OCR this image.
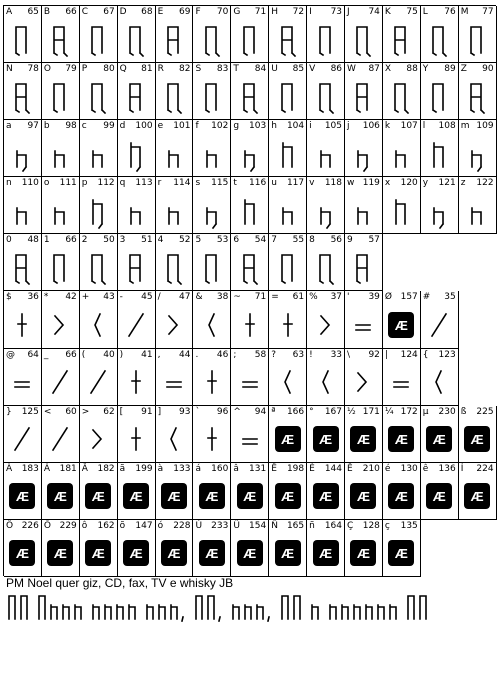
A 65 B 66 C 67 D 68 E 69 F 70 G 71 H 72 I 73 J 74 K 75 L 76 M 77
N 78 O 79 P 80 Q 81 R 82 S 83 T 84 U 85 V 86 W 87 X 88 Y 89 Z 90
a 97 b 98 c 99 d 100 e 101 f 102 g 103 h 104 i 105 j 106 k 107 l 108 m 109
n 110 o 111 p 112 q 113 r 114 s 115 t 116 u 117 v 118 w 119 x 120 y 121 z 122
0 48 1 66 2 50 3 51 4 52 5 53 6 54 7 55 8 56 9 57
$ 36 * 42 + 43 - 45 / 47 & 38 ~ 71 = 61 % 37 ' 39 Ø 157
Æ
# 35
@ 64 _ 66 ( 40 ) 41 , 44 . 46 ; 58 ? 63 ! 33 \ 92 | 124 { 123
} 125 < 60 > 62 [ 91 ] 93 ` 96 ^ 94 ª 166
Æ
° 167
Æ
½ 171
Æ
¼ 172
Æ
µ 230
Æ
ß 225
Æ
À 183
Æ
Á 181
Æ
Â 182
Æ
ã 199
Æ
à 133
Æ
á 160
Æ
â 131
Æ
Ê 198
Æ
É 144
Æ
Ê 210
Æ
é 130
Æ
ê 136
Æ
Í 224
Æ
Ô 226
Æ
Õ 229
Æ
ô 162
Æ
õ 147
Æ
ó 228
Æ
Ú 233
Æ
Ü 154
Æ
Ñ 165
Æ
ñ 164
Æ
Ç 128
Æ
ç 135
Æ
PM Noel quer giz, CD, fax, TV e whisky JB
